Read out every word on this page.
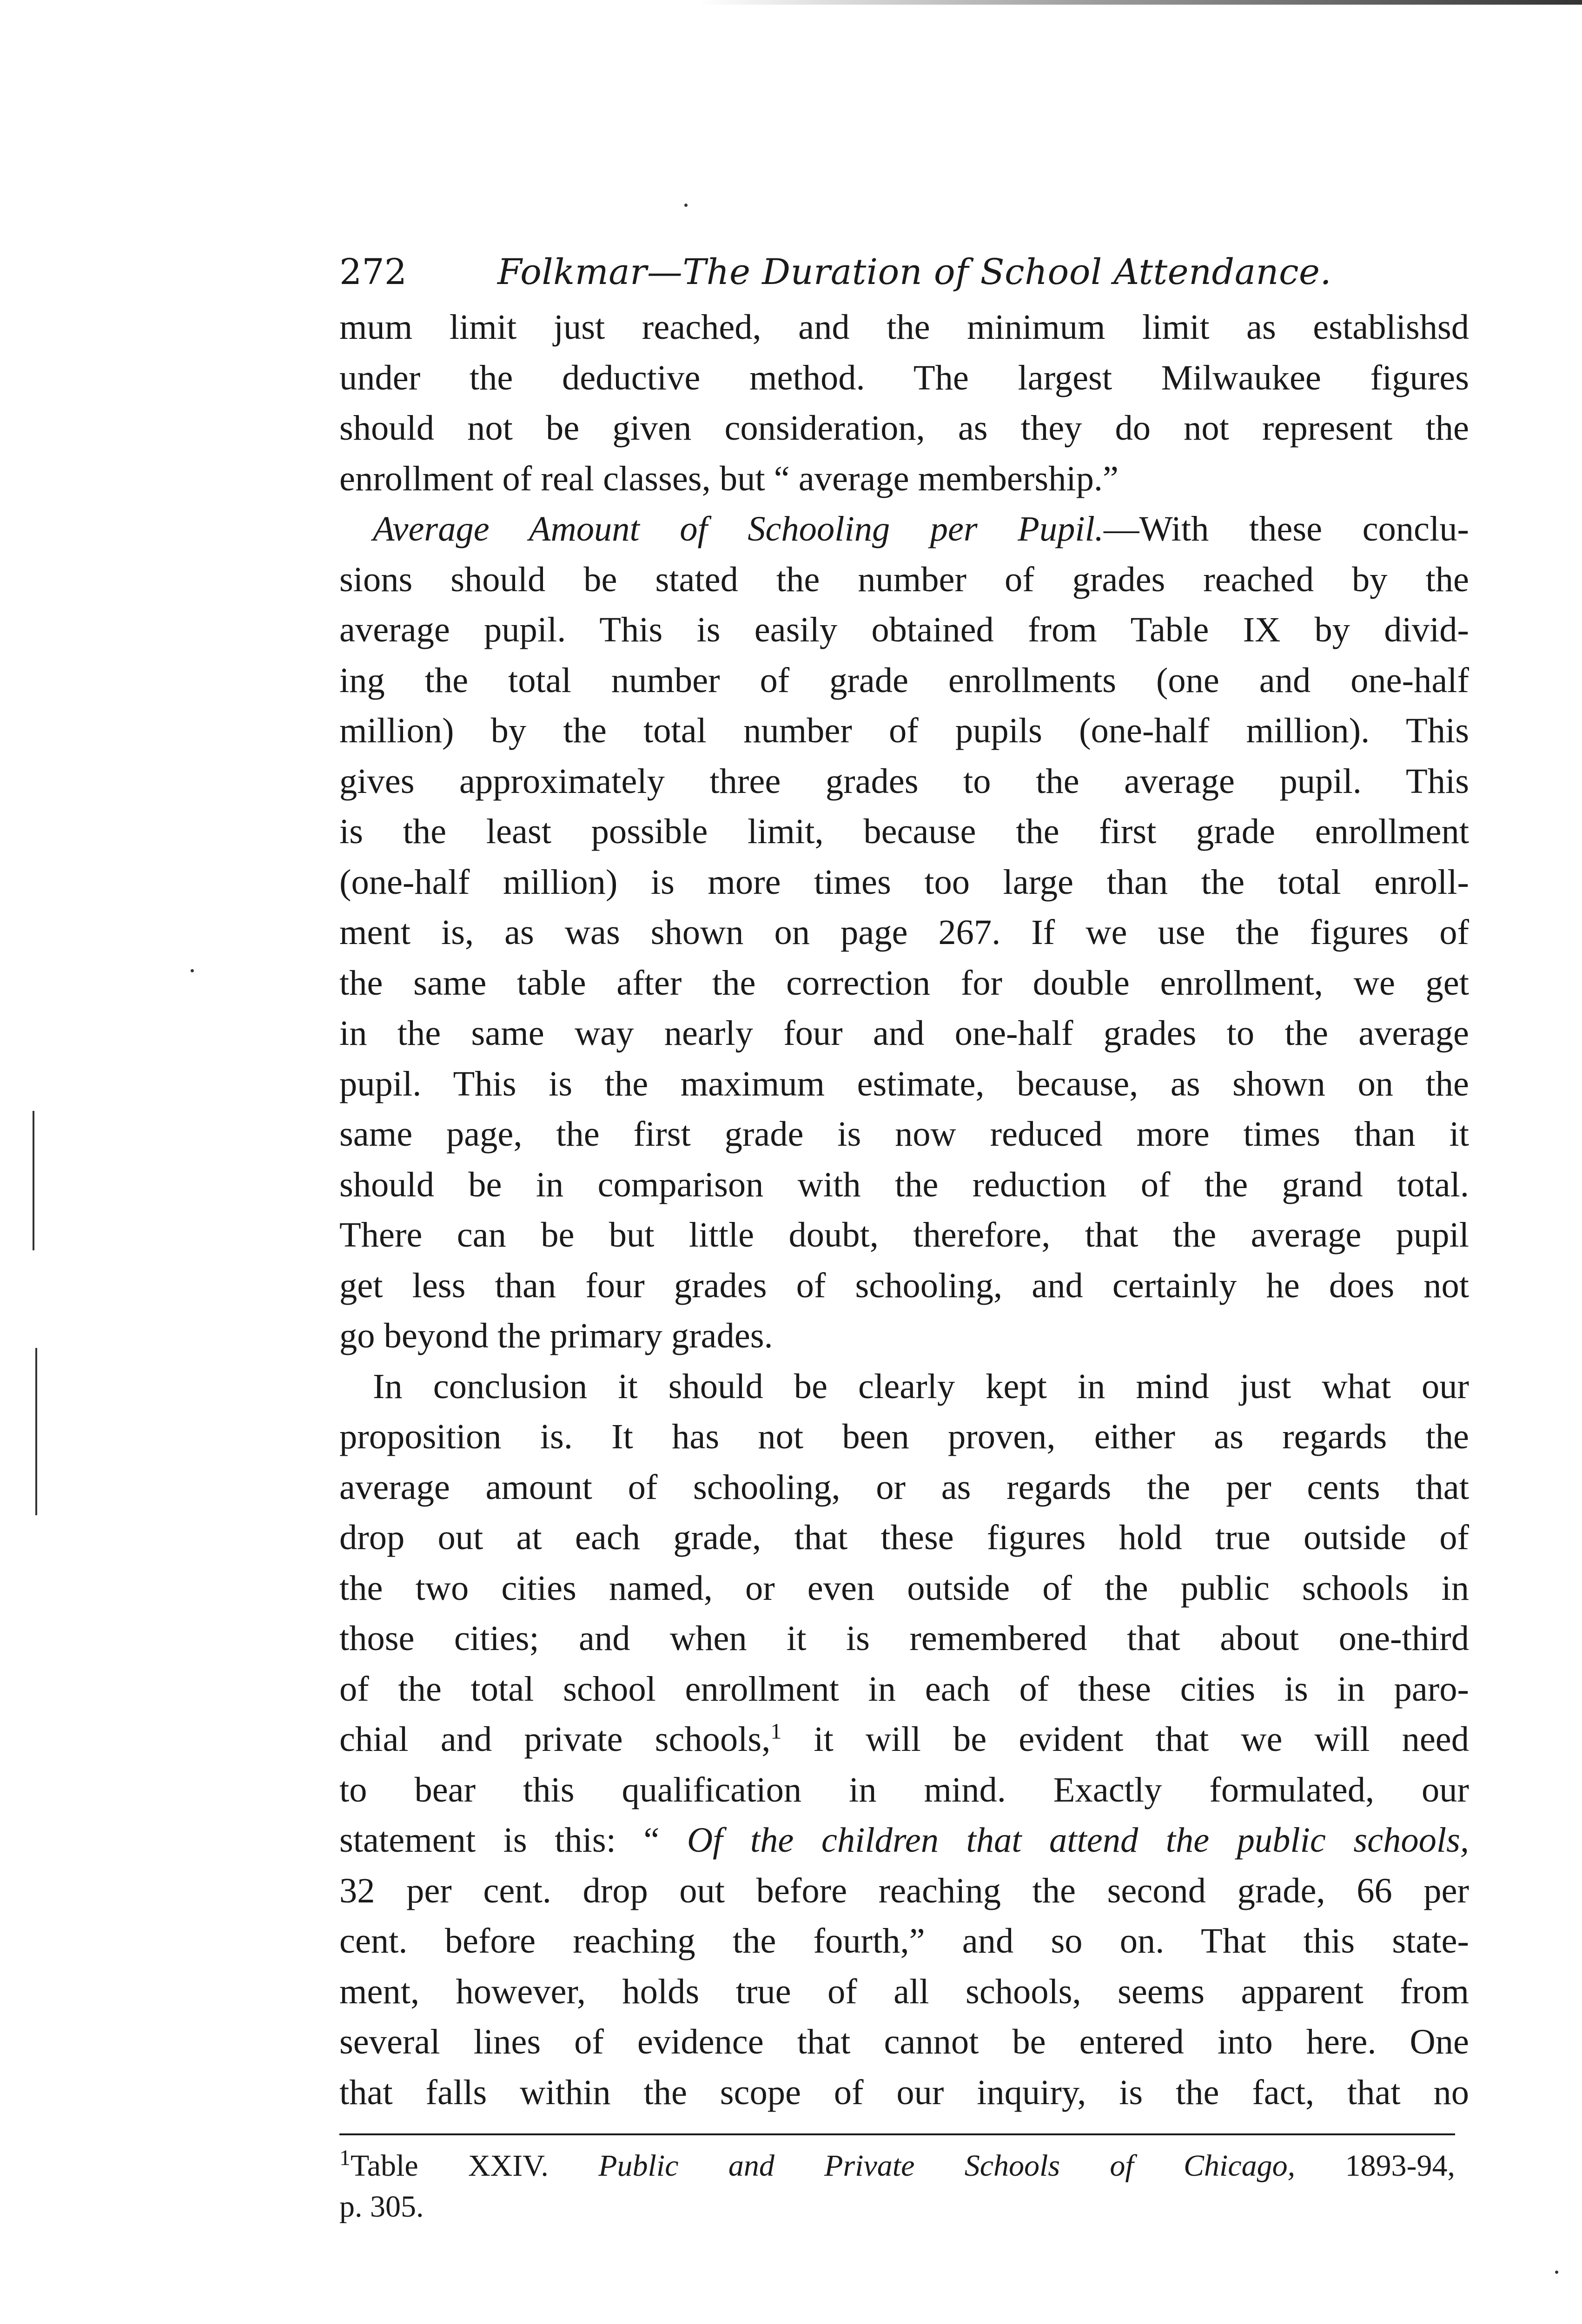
272	Folkmar—The Duration of School Attendance.
mum limit just reached, and the minimum limit as establishsd
under the deductive method. The largest Milwaukee figures
should not be given consideration, as they do not represent the
enrollment of real classes, but “ average membership.”
Average Amount of Schooling per Pupil.—With these conclu-
sions should be stated the number of grades reached by the
average pupil. This is easily obtained from Table IX by divid-
ing the total number of grade enrollments (one and one-half
million) by the total number of pupils (one-half million). This
gives approximately three grades to the average pupil. This
is the least possible limit, because the first grade enrollment
(one-half million) is more times too large than the total enroll-
ment is, as was shown on page 267. If we use the figures of
the same table after the correction for double enrollment, we get
in the same way nearly four and one-half grades to the average
pupil. This is the maximum estimate, because, as shown on the
same page, the first grade is now reduced more times than it
should be in comparison with the reduction of the grand total.
There can be but little doubt, therefore, that the average pupil
get less than four grades of schooling, and certainly he does not
go beyond the primary grades.
In conclusion it should be clearly kept in mind just what our
proposition is. It has not been proven, either as regards the
average amount of schooling, or as regards the per cents that
drop out at each grade, that these figures hold true outside of
the two cities named, or even outside of the public schools in
those cities; and when it is remembered that about one-third
of the total school enrollment in each of these cities is in paro-
chial and private schools,$^1$ it will be evident that we will need
to bear this qualification in mind. Exactly formulated, our
statement is this: “ Of the children that attend the public schools,
32 per cent. drop out before reaching the second grade, 66 per
cent. before reaching the fourth,” and so on. That this state-
ment, however, holds true of all schools, seems apparent from
several lines of evidence that cannot be entered into here. One
that falls within the scope of our inquiry, is the fact, that no
$^1$Table XXIV. Public and Private Schools of Chicago, 1893-94,
p. 305.
